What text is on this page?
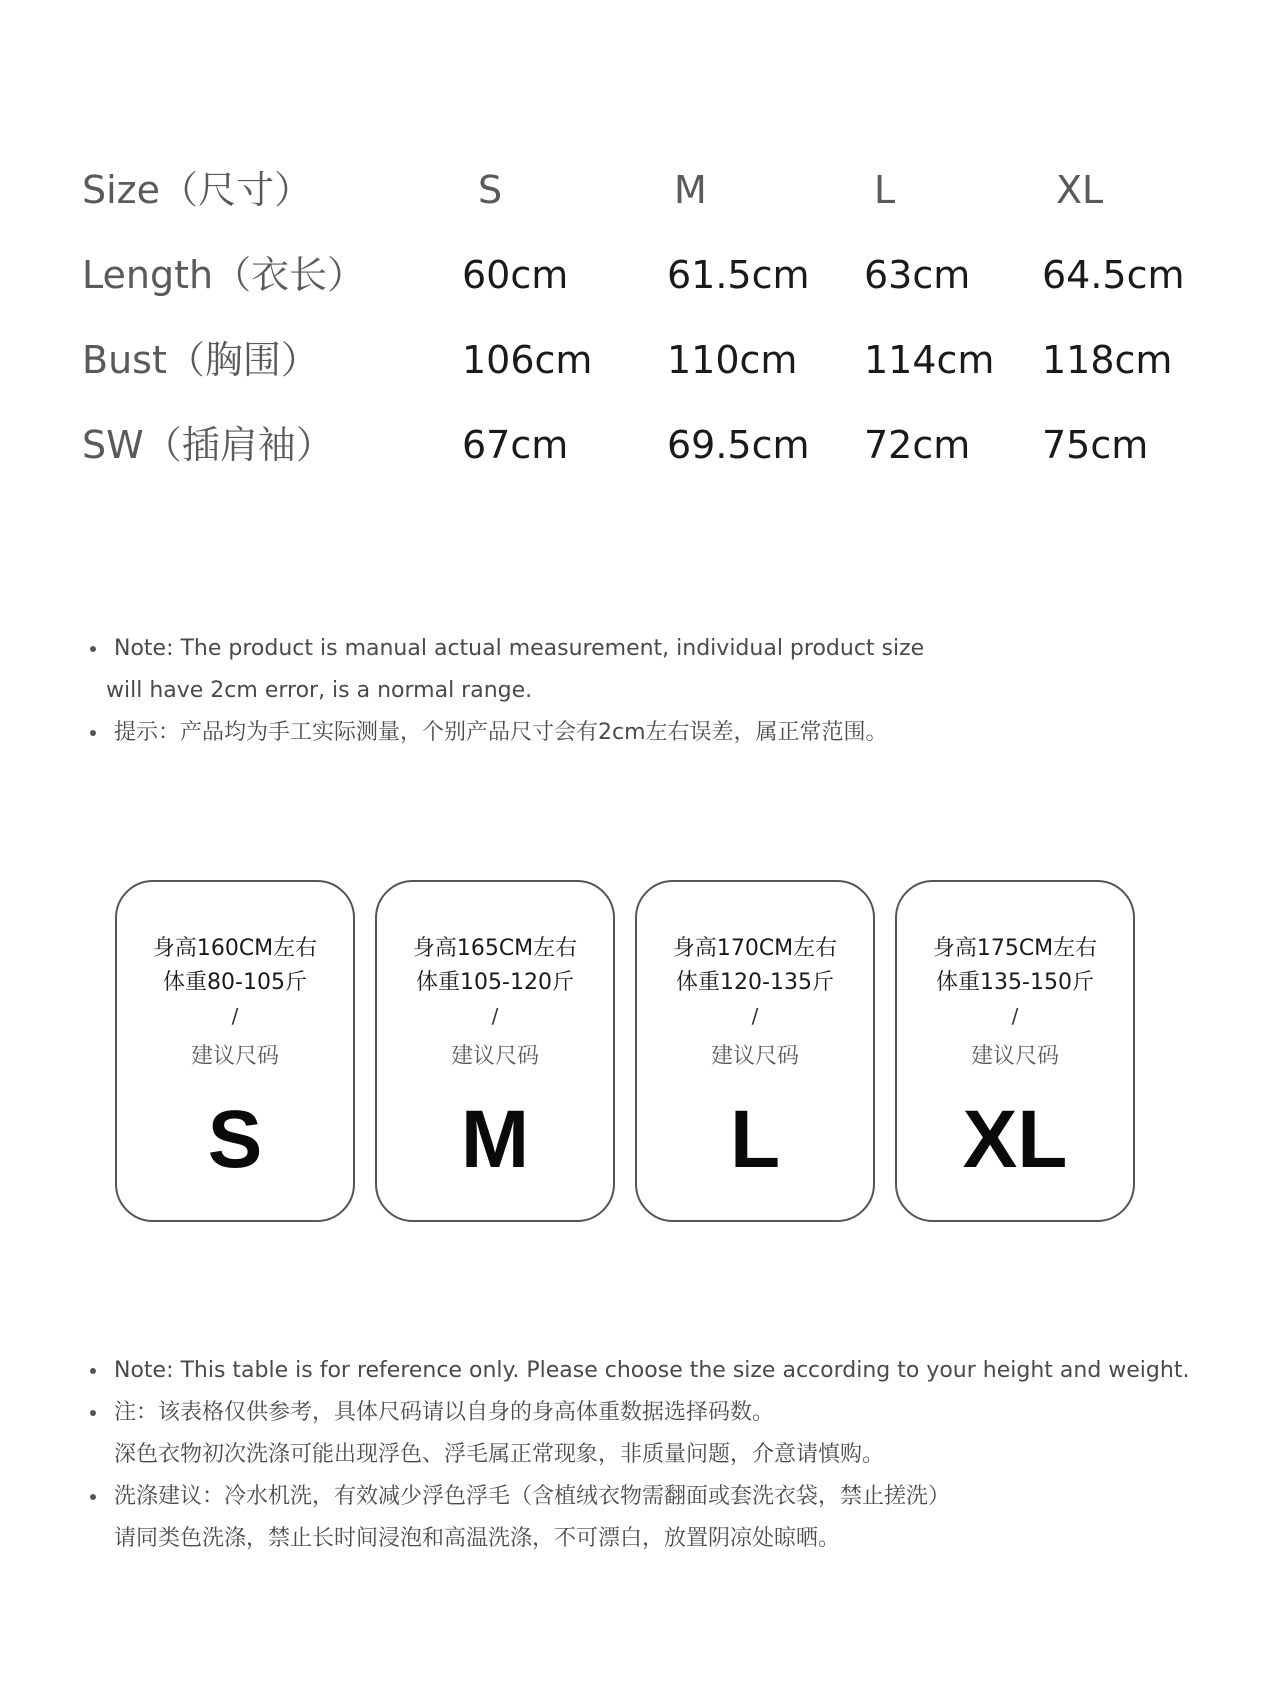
Size（尺寸）	S	M	L	XL
Length（衣长）	60cm	61.5cm 63cm 64.5cm
Bust（胸围）	106cm 110cm 114cm 118cm
SW（插肩袖）	67cm	69.5cm 72cm 75cm
Note: The product is manual actual measurement, individual product size
will have 2cm error, is a normal range.
提示：产品均为手工实际测量，个别产品尺寸会有2cm左右误差，属正常范围。
身高160CM左右
体重80-105斤
/
建议尺码
S
身高165CM左右
体重105-120斤
/
建议尺码
M
身高170CM左右
体重120-135斤
/
建议尺码
L
身高175CM左右
体重135-150斤
/
建议尺码
XL
Note: This table is for reference only. Please choose the size according to your height and weight.
注：该表格仅供参考，具体尺码请以自身的身高体重数据选择码数。
深色衣物初次洗涤可能出现浮色、浮毛属正常现象，非质量问题，介意请慎购。
洗涤建议：冷水机洗，有效减少浮色浮毛（含植绒衣物需翻面或套洗衣袋，禁止搓洗）
请同类色洗涤，禁止长时间浸泡和高温洗涤，不可漂白，放置阴凉处晾晒。
